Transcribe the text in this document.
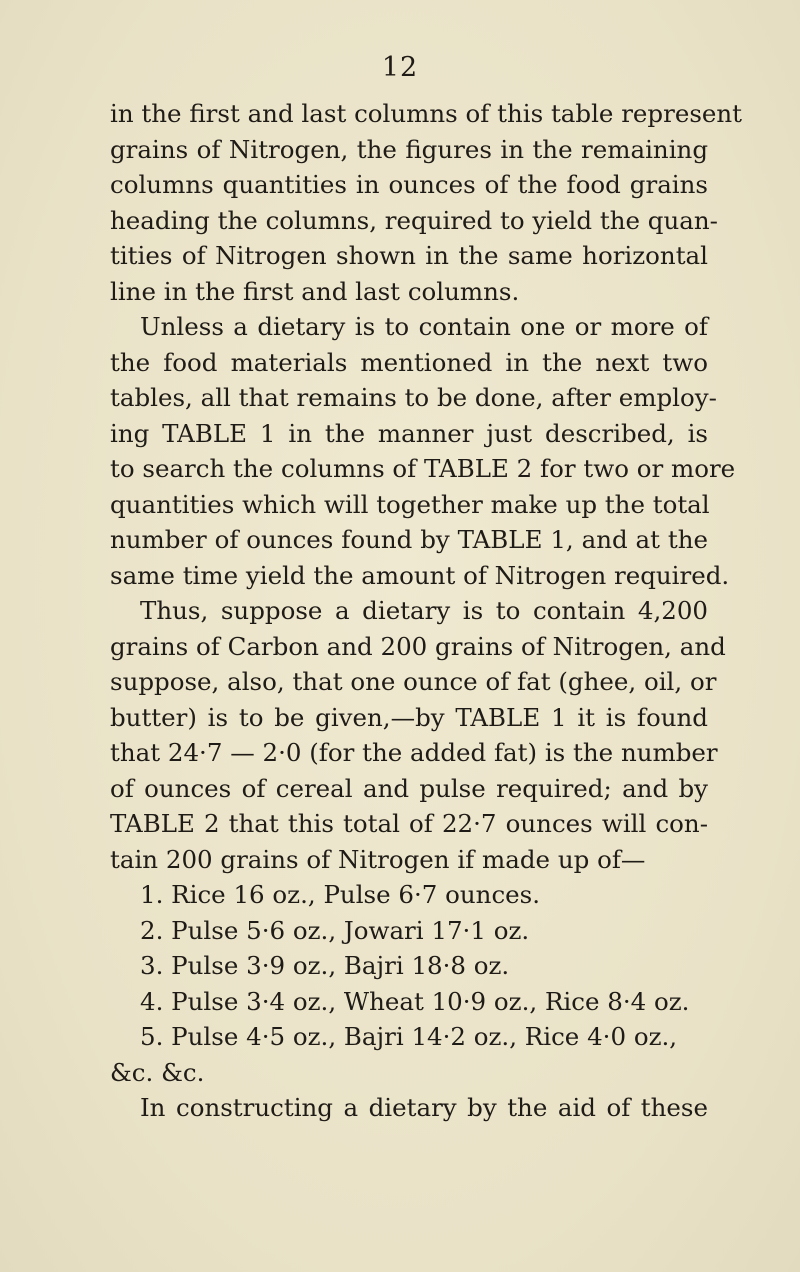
12
in the first and last columns of this table represent
grains of Nitrogen, the figures in the remaining
columns quantities in ounces of the food grains
heading the columns, required to yield the quan-
tities of Nitrogen shown in the same horizontal
line in the first and last columns.
Unless a dietary is to contain one or more of
the food materials mentioned in the next two
tables, all that remains to be done, after employ-
ing TABLE 1 in the manner just described, is
to search the columns of TABLE 2 for two or more
quantities which will together make up the total
number of ounces found by TABLE 1, and at the
same time yield the amount of Nitrogen required.
Thus, suppose a dietary is to contain 4,200
grains of Carbon and 200 grains of Nitrogen, and
suppose, also, that one ounce of fat (ghee, oil, or
butter) is to be given,—by TABLE 1 it is found
that 24·7 — 2·0 (for the added fat) is the number
of ounces of cereal and pulse required; and by
TABLE 2 that this total of 22·7 ounces will con-
tain 200 grains of Nitrogen if made up of—
1. Rice 16 oz., Pulse 6·7 ounces.
2. Pulse 5·6 oz., Jowari 17·1 oz.
3. Pulse 3·9 oz., Bajri 18·8 oz.
4. Pulse 3·4 oz., Wheat 10·9 oz., Rice 8·4 oz.
5. Pulse 4·5 oz., Bajri 14·2 oz., Rice 4·0 oz.,
&c. &c.
In constructing a dietary by the aid of these
